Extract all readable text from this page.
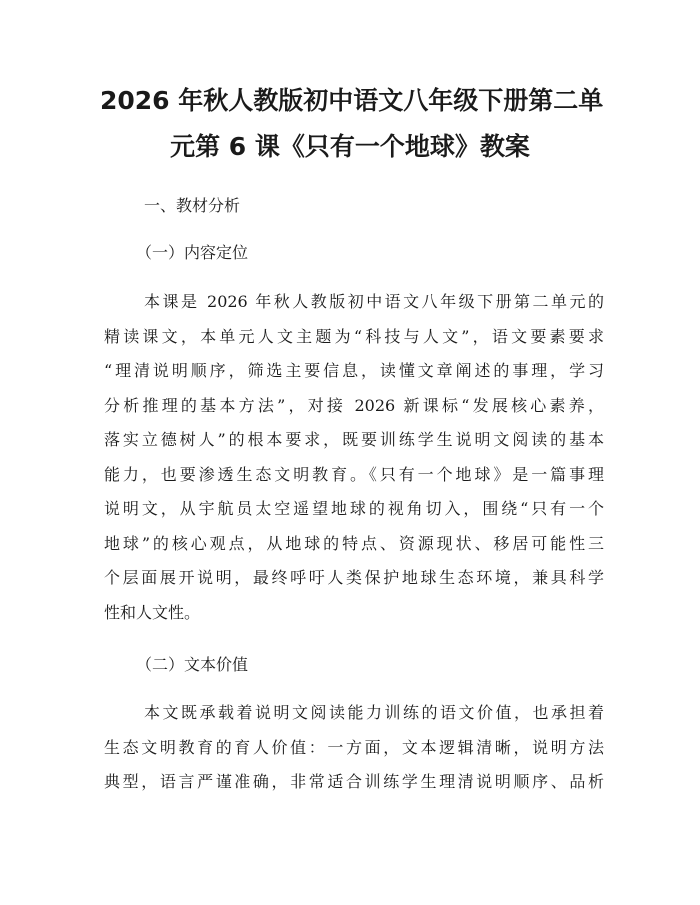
2026 年秋人教版初中语文八年级下册第二单
元第 6 课《只有一个地球》教案

一、教材分析

（一）内容定位

本课是 2026 年秋人教版初中语文八年级下册第二单元的
精读课文，本单元人文主题为“科技与人文”，语文要素要求
“理清说明顺序，筛选主要信息，读懂文章阐述的事理，学习
分析推理的基本方法”，对接 2026 新课标“发展核心素养，
落实立德树人”的根本要求，既要训练学生说明文阅读的基本
能力，也要渗透生态文明教育。《只有一个地球》是一篇事理
说明文，从宇航员太空遥望地球的视角切入，围绕“只有一个
地球”的核心观点，从地球的特点、资源现状、移居可能性三
个层面展开说明，最终呼吁人类保护地球生态环境，兼具科学
性和人文性。

（二）文本价值

本文既承载着说明文阅读能力训练的语文价值，也承担着
生态文明教育的育人价值：一方面，文本逻辑清晰，说明方法
典型，语言严谨准确，非常适合训练学生理清说明顺序、品析
